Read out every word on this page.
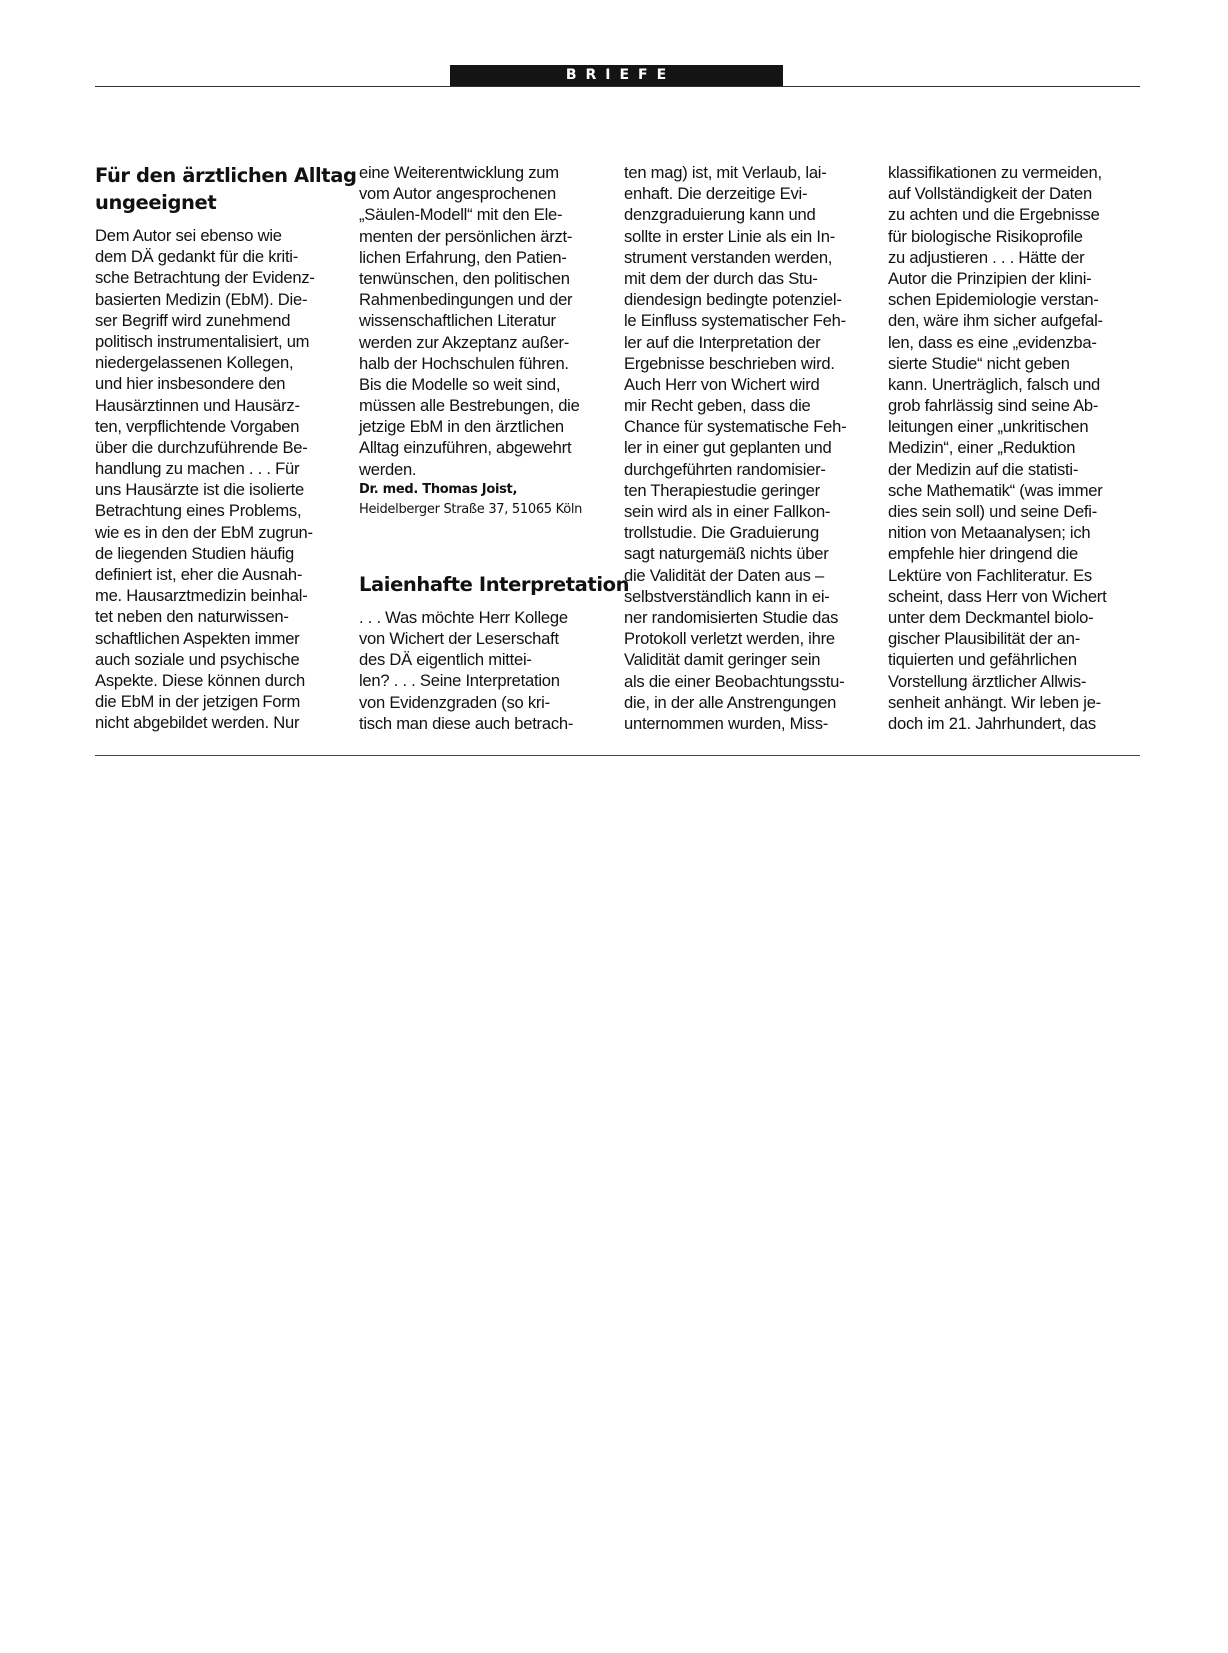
BRIEFE
Für den ärztlichen Alltag
ungeeignet
Dem Autor sei ebenso wie
dem DÄ gedankt für die kriti-
sche Betrachtung der Evidenz-
basierten Medizin (EbM). Die-
ser Begriff wird zunehmend
politisch instrumentalisiert, um
niedergelassenen Kollegen,
und hier insbesondere den
Hausärztinnen und Hausärz-
ten, verpflichtende Vorgaben
über die durchzuführende Be-
handlung zu machen . . . Für
uns Hausärzte ist die isolierte
Betrachtung eines Problems,
wie es in den der EbM zugrun-
de liegenden Studien häufig
definiert ist, eher die Ausnah-
me. Hausarztmedizin beinhal-
tet neben den naturwissen-
schaftlichen Aspekten immer
auch soziale und psychische
Aspekte. Diese können durch
die EbM in der jetzigen Form
nicht abgebildet werden. Nur
eine Weiterentwicklung zum
vom Autor angesprochenen
„Säulen-Modell“ mit den Ele-
menten der persönlichen ärzt-
lichen Erfahrung, den Patien-
tenwünschen, den politischen
Rahmenbedingungen und der
wissenschaftlichen Literatur
werden zur Akzeptanz außer-
halb der Hochschulen führen.
Bis die Modelle so weit sind,
müssen alle Bestrebungen, die
jetzige EbM in den ärztlichen
Alltag einzuführen, abgewehrt
werden.
Dr. med. Thomas Joist,
Heidelberger Straße 37, 51065 Köln
Laienhafte Interpretation
. . . Was möchte Herr Kollege
von Wichert der Leserschaft
des DÄ eigentlich mittei-
len? . . . Seine Interpretation
von Evidenzgraden (so kri-
tisch man diese auch betrach-
ten mag) ist, mit Verlaub, lai-
enhaft. Die derzeitige Evi-
denzgraduierung kann und
sollte in erster Linie als ein In-
strument verstanden werden,
mit dem der durch das Stu-
diendesign bedingte potenziel-
le Einfluss systematischer Feh-
ler auf die Interpretation der
Ergebnisse beschrieben wird.
Auch Herr von Wichert wird
mir Recht geben, dass die
Chance für systematische Feh-
ler in einer gut geplanten und
durchgeführten randomisier-
ten Therapiestudie geringer
sein wird als in einer Fallkon-
trollstudie. Die Graduierung
sagt naturgemäß nichts über
die Validität der Daten aus –
selbstverständlich kann in ei-
ner randomisierten Studie das
Protokoll verletzt werden, ihre
Validität damit geringer sein
als die einer Beobachtungsstu-
die, in der alle Anstrengungen
unternommen wurden, Miss-
klassifikationen zu vermeiden,
auf Vollständigkeit der Daten
zu achten und die Ergebnisse
für biologische Risikoprofile
zu adjustieren . . . Hätte der
Autor die Prinzipien der klini-
schen Epidemiologie verstan-
den, wäre ihm sicher aufgefal-
len, dass es eine „evidenzba-
sierte Studie“ nicht geben
kann. Unerträglich, falsch und
grob fahrlässig sind seine Ab-
leitungen einer „unkritischen
Medizin“, einer „Reduktion
der Medizin auf die statisti-
sche Mathematik“ (was immer
dies sein soll) und seine Defi-
nition von Metaanalysen; ich
empfehle hier dringend die
Lektüre von Fachliteratur. Es
scheint, dass Herr von Wichert
unter dem Deckmantel biolo-
gischer Plausibilität der an-
tiquierten und gefährlichen
Vorstellung ärztlicher Allwis-
senheit anhängt. Wir leben je-
doch im 21. Jahrhundert, das
